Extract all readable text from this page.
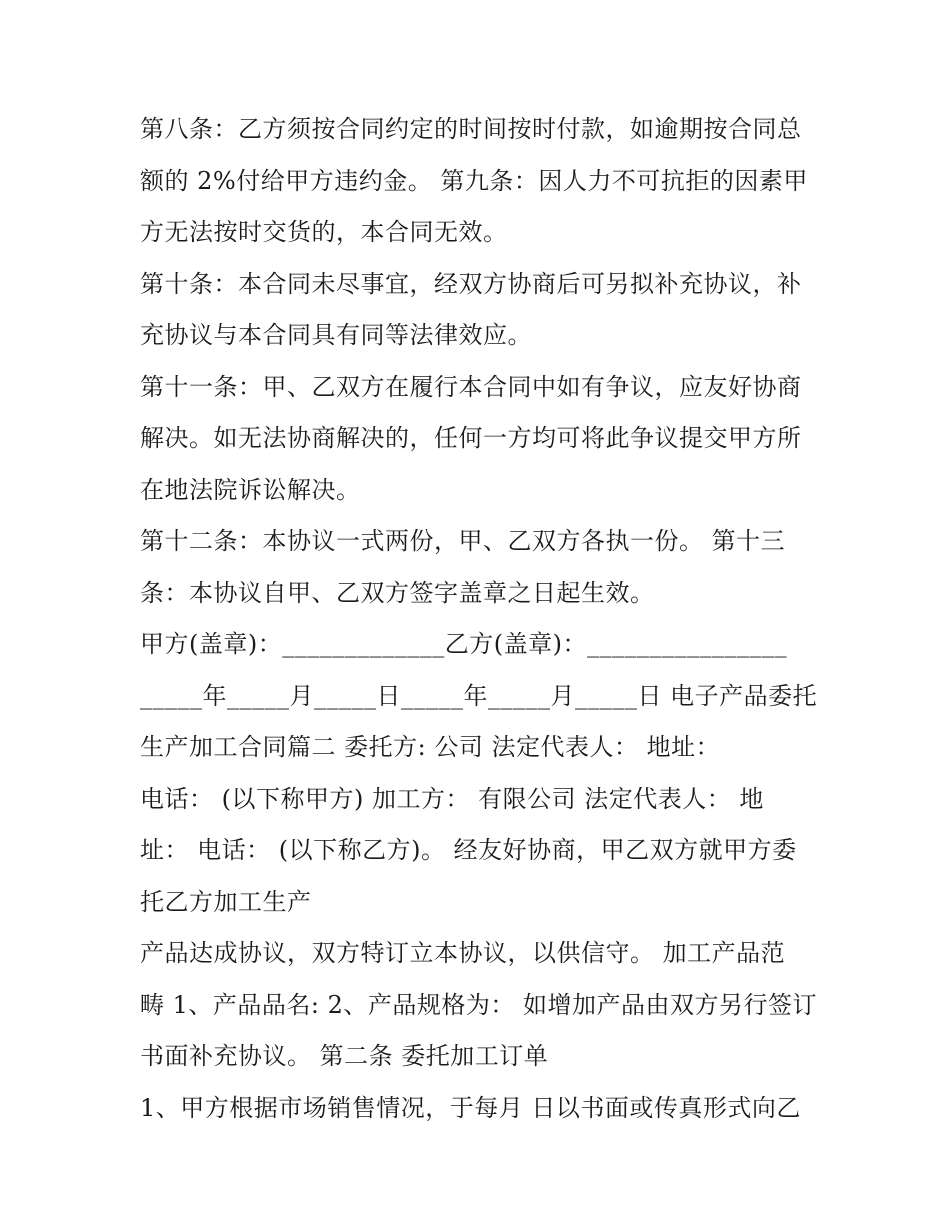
第八条：乙方须按合同约定的时间按时付款，如逾期按合同总
额的 2%付给甲方违约金。 第九条：因人力不可抗拒的因素甲
方无法按时交货的，本合同无效。
第十条：本合同未尽事宜，经双方协商后可另拟补充协议，补
充协议与本合同具有同等法律效应。
第十一条：甲、乙双方在履行本合同中如有争议，应友好协商
解决。如无法协商解决的，任何一方均可将此争议提交甲方所
在地法院诉讼解决。
第十二条：本协议一式两份，甲、乙双方各执一份。 第十三
条：本协议自甲、乙双方签字盖章之日起生效。
甲方(盖章)：_____________乙方(盖章)：________________
_____年_____月_____日_____年_____月_____日 电子产品委托
生产加工合同篇二 委托方: 公司 法定代表人： 地址：
电话： (以下称甲方) 加工方： 有限公司 法定代表人： 地
址： 电话： (以下称乙方)。 经友好协商，甲乙双方就甲方委
托乙方加工生产
产品达成协议，双方特订立本协议，以供信守。 加工产品范
畴 1、产品品名: 2、产品规格为： 如增加产品由双方另行签订
书面补充协议。 第二条 委托加工订单
1、甲方根据市场销售情况，于每月 日以书面或传真形式向乙
